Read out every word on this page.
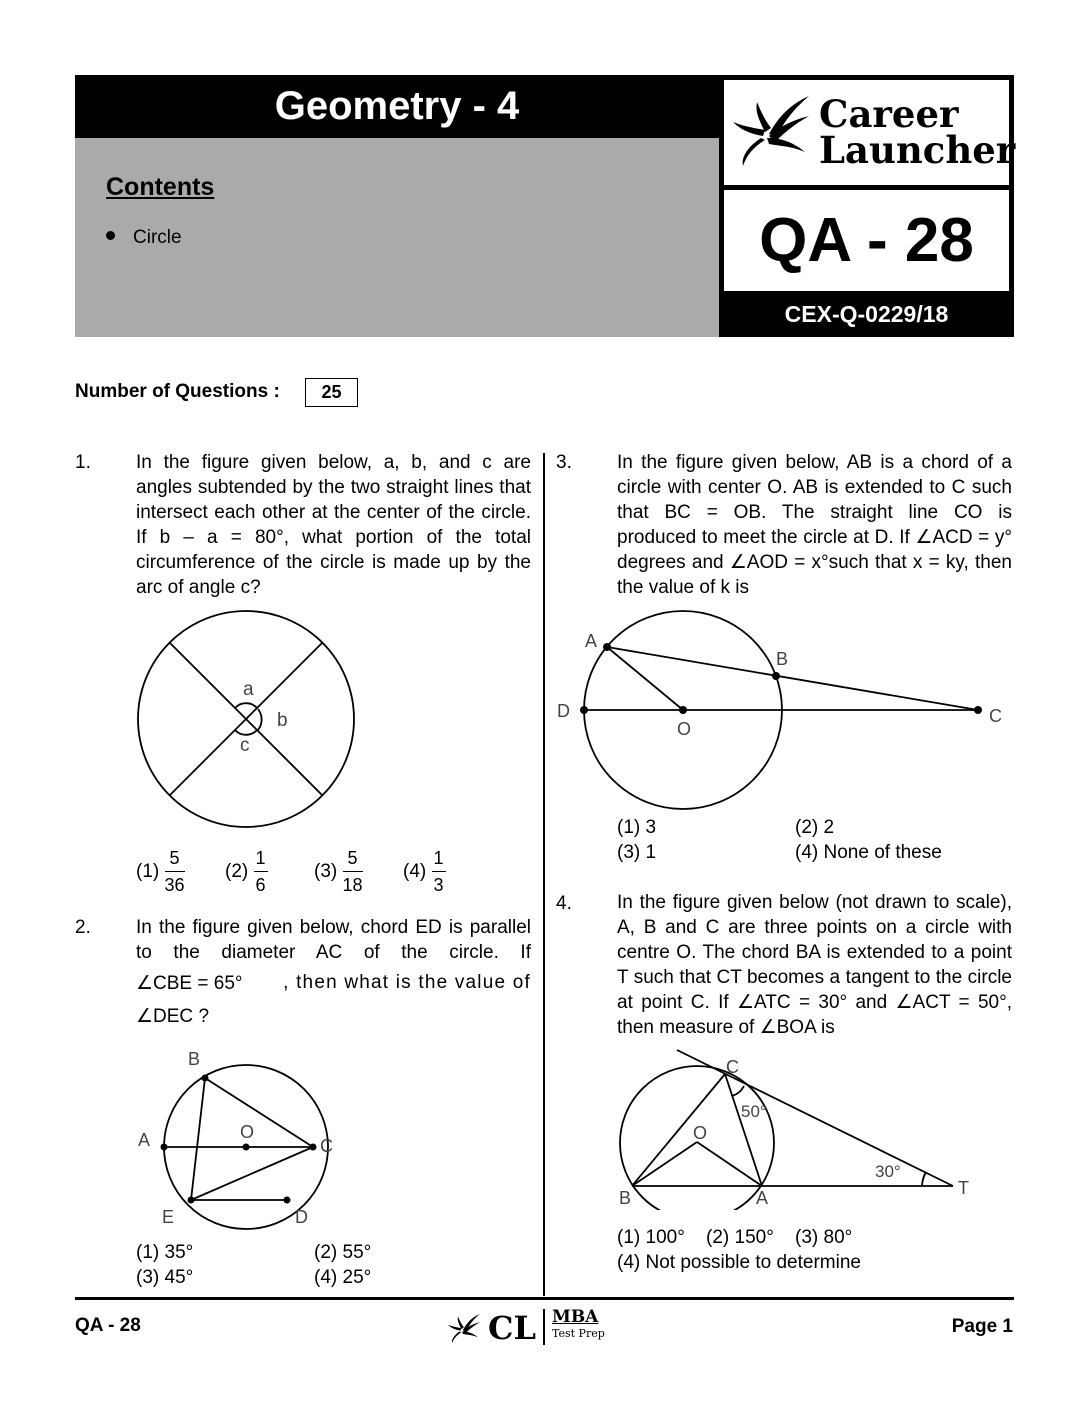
Geometry - 4
Contents
Circle
Career
Launcher
QA - 28
CEX-Q-0229/18
Number of Questions :	25
1. In the figure given below, a, b, and c are angles subtended by the two straight lines that intersect each other at the center of the circle. If b – a = 80°, what portion of the total circumference of the circle is made up by the arc of angle c?
a
b
c
$(1) \frac{5}{36} (2) \frac{1}{6} (3) \frac{5}{18} (4) \frac{1}{3}$
2. In the figure given below, chord ED is parallel to the diameter AC of the circle. If
∠CBE = 65° , then what is the value of
∠DEC ?
B
A	O
C
E	D
(1) 35°	(2) 55°
(3) 45°	(4) 25°
3. In the figure given below, AB is a chord of a circle with center O. AB is extended to C such that BC = OB. The straight line CO is produced to meet the circle at D. If ∠ACD = y° degrees and ∠AOD = x°such that x = ky, then the value of k is
A
B
D
O
C
(1) 3	(2) 2
(3) 1	(4) None of these
4. In the figure given below (not drawn to scale), A, B and C are three points on a circle with centre O. The chord BA is extended to a point T such that CT becomes a tangent to the circle at point C. If ∠ATC = 30° and ∠ACT = 50°, then measure of ∠BOA is
C
50°
O
30°
T
B	A
(1) 100° (2) 150° (3) 80°
(4) Not possible to determine
QA - 28	CL MBA
Test Prep	Page 1
